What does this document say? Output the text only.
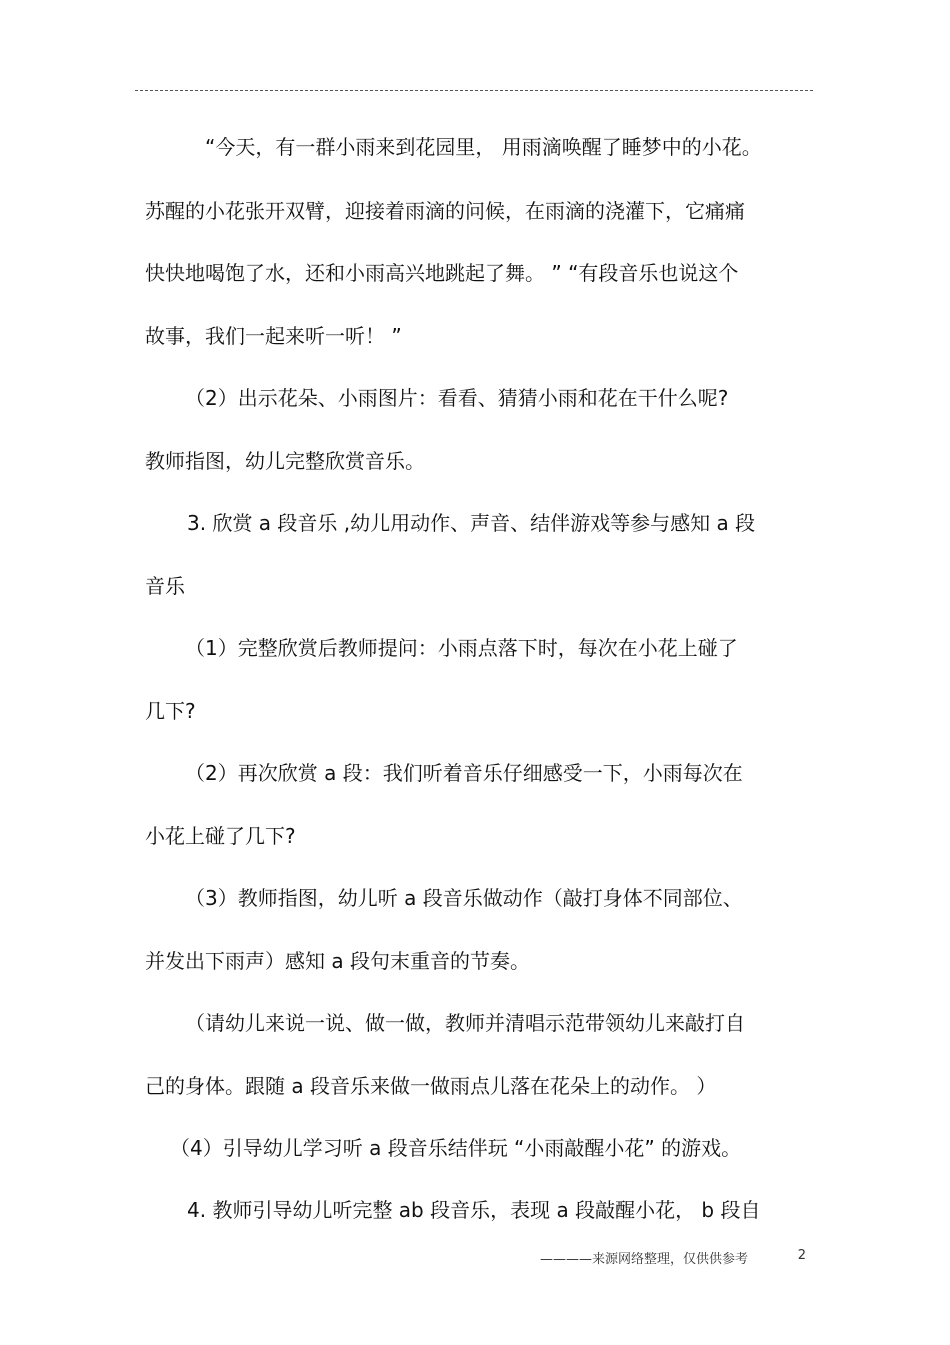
“今天，有一群小雨来到花园里， 用雨滴唤醒了睡梦中的小花。
苏醒的小花张开双臂，迎接着雨滴的问候，在雨滴的浇灌下，它痛痛
快快地喝饱了水，还和小雨高兴地跳起了舞。 ” “有段音乐也说这个
故事，我们一起来听一听！ ”
（2）出示花朵、小雨图片：看看、猜猜小雨和花在干什么呢?
教师指图，幼儿完整欣赏音乐。
3. 欣赏 a 段音乐 ,幼儿用动作、声音、结伴游戏等参与感知 a 段
音乐
（1）完整欣赏后教师提问：小雨点落下时，每次在小花上碰了
几下?
（2）再次欣赏 a 段：我们听着音乐仔细感受一下，小雨每次在
小花上碰了几下?
（3）教师指图，幼儿听 a 段音乐做动作（敲打身体不同部位、
并发出下雨声）感知 a 段句末重音的节奏。
（请幼儿来说一说、做一做，教师并清唱示范带领幼儿来敲打自
己的身体。跟随 a 段音乐来做一做雨点儿落在花朵上的动作。 ）
（4）引导幼儿学习听 a 段音乐结伴玩 “小雨敲醒小花” 的游戏。
4. 教师引导幼儿听完整 ab 段音乐，表现 a 段敲醒小花， b 段自
————来源网络整理，仅供供参考	2
